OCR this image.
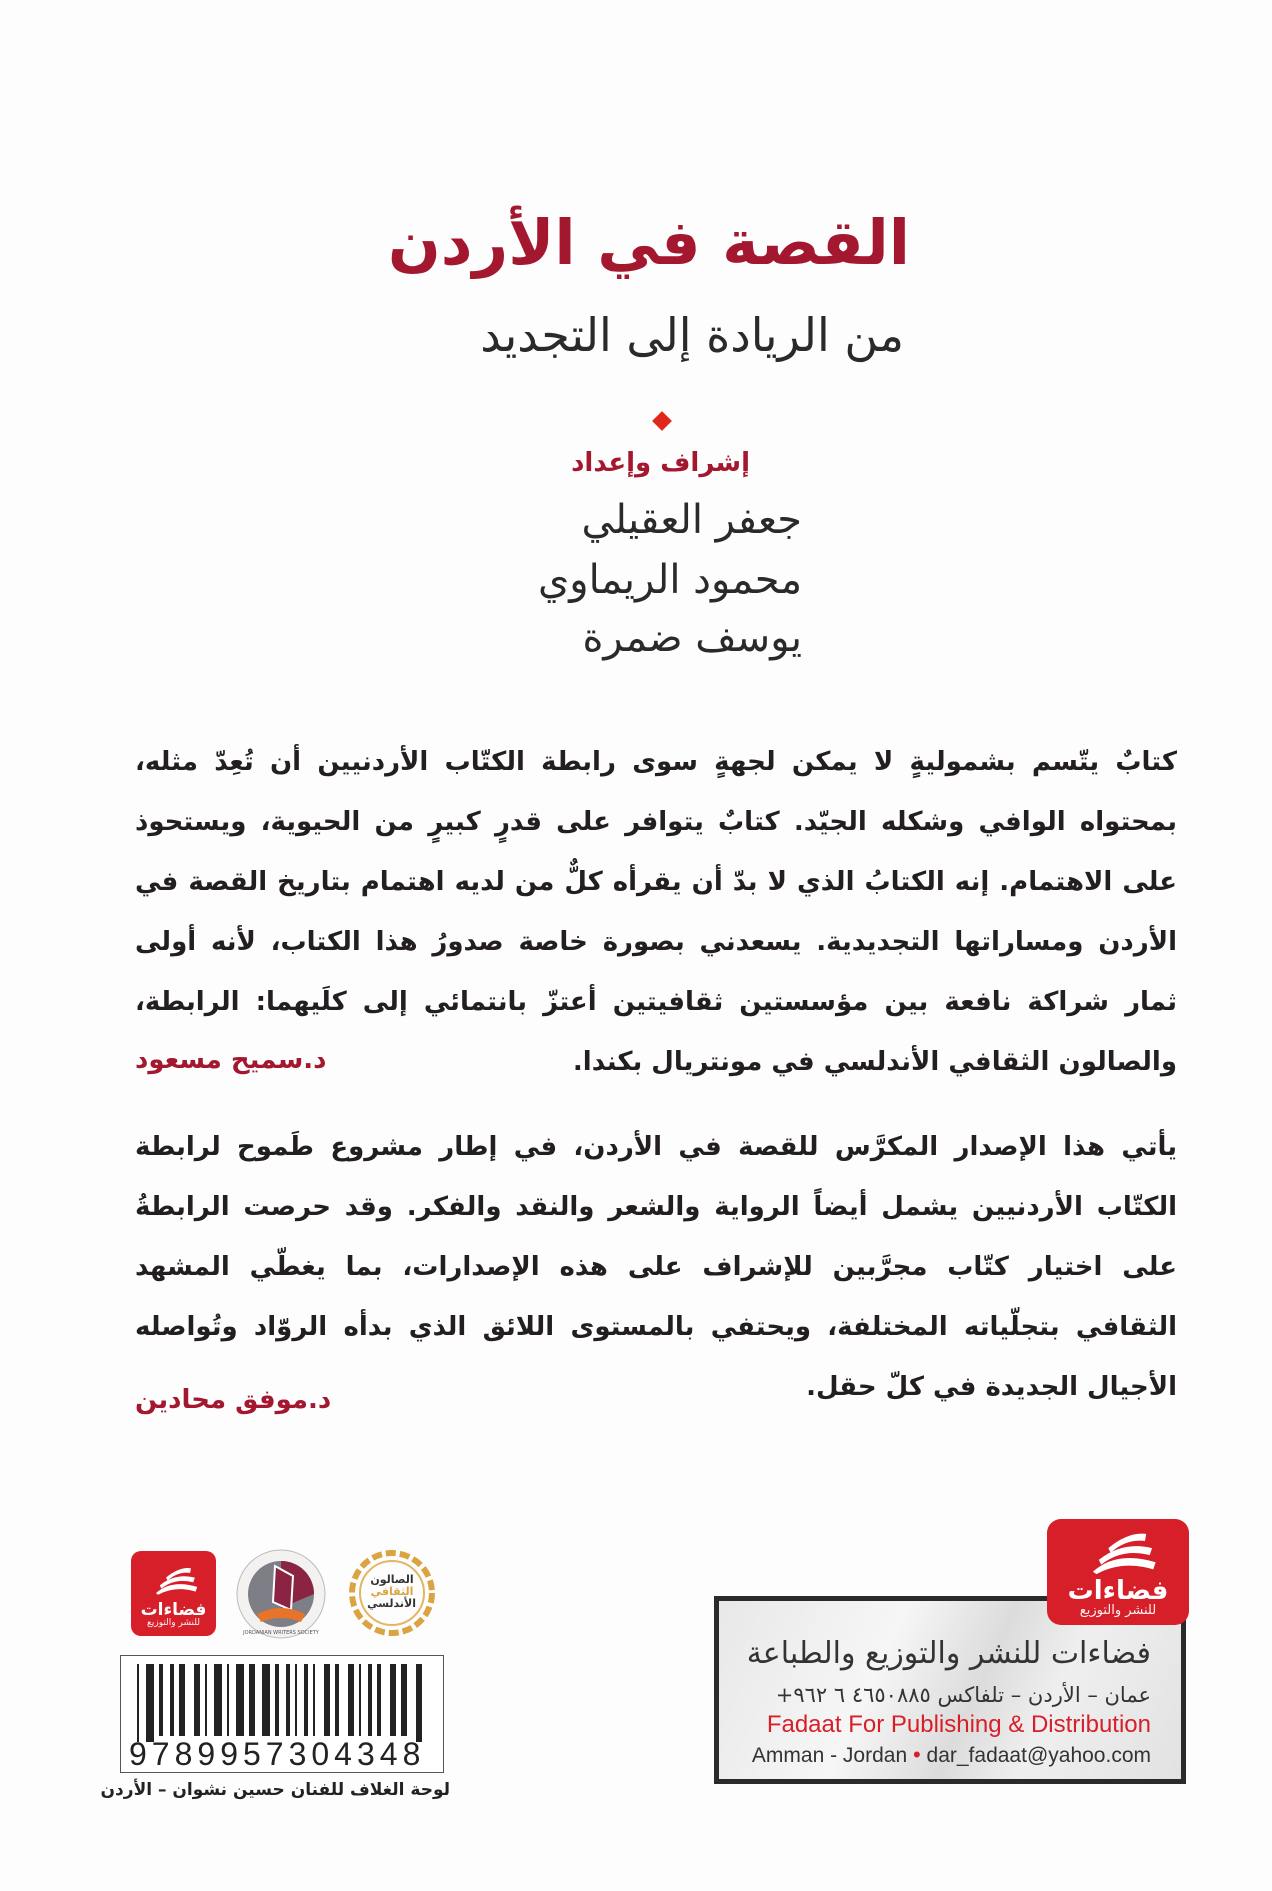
القصة في الأردن
من الريادة إلى التجديد
إشراف وإعداد
جعفر العقيلي
محمود الريماوي
يوسف ضمرة
كتابٌ يتّسم بشموليةٍ لا يمكن لجهةٍ سوى رابطة الكتّاب الأردنيين أن تُعِدّ مثله، بمحتواه الوافي وشكله الجيّد. كتابٌ يتوافر على قدرٍ كبيرٍ من الحيوية، ويستحوذ على الاهتمام. إنه الكتابُ الذي لا بدّ أن يقرأه كلٌّ من لديه اهتمام بتاريخ القصة في الأردن ومساراتها التجديدية. يسعدني بصورة خاصة صدورُ هذا الكتاب، لأنه أولى ثمار شراكة نافعة بين مؤسستين ثقافيتين أعتزّ بانتمائي إلى كلَيهما: الرابطة، والصالون الثقافي الأندلسي في مونتريال بكندا.
د.سميح مسعود
يأتي هذا الإصدار المكرَّس للقصة في الأردن، في إطار مشروع طَموح لرابطة الكتّاب الأردنيين يشمل أيضاً الرواية والشعر والنقد والفكر. وقد حرصت الرابطةُ على اختيار كتّاب مجرَّبين للإشراف على هذه الإصدارات، بما يغطّي المشهد الثقافي بتجلّياته المختلفة، ويحتفي بالمستوى اللائق الذي بدأه الروّاد وتُواصله الأجيال الجديدة في كلّ حقل.
د.موفق محادين
فضاءات
للنشر والتوزيع
JORDANIAN WRITERS SOCIETY
الصالون
الثقافي
الأندلسي
9789957304348
لوحة الغلاف للفنان حسين نشوان – الأردن
فضاءات للنشر والتوزيع والطباعة
عمان – الأردن – تلفاكس ٤٦٥٠٨٨٥ ٦ ٩٦٢+
Fadaat For Publishing & Distribution
Amman - Jordan • dar_fadaat@yahoo.com
فضاءات
للنشر والتوزيع
